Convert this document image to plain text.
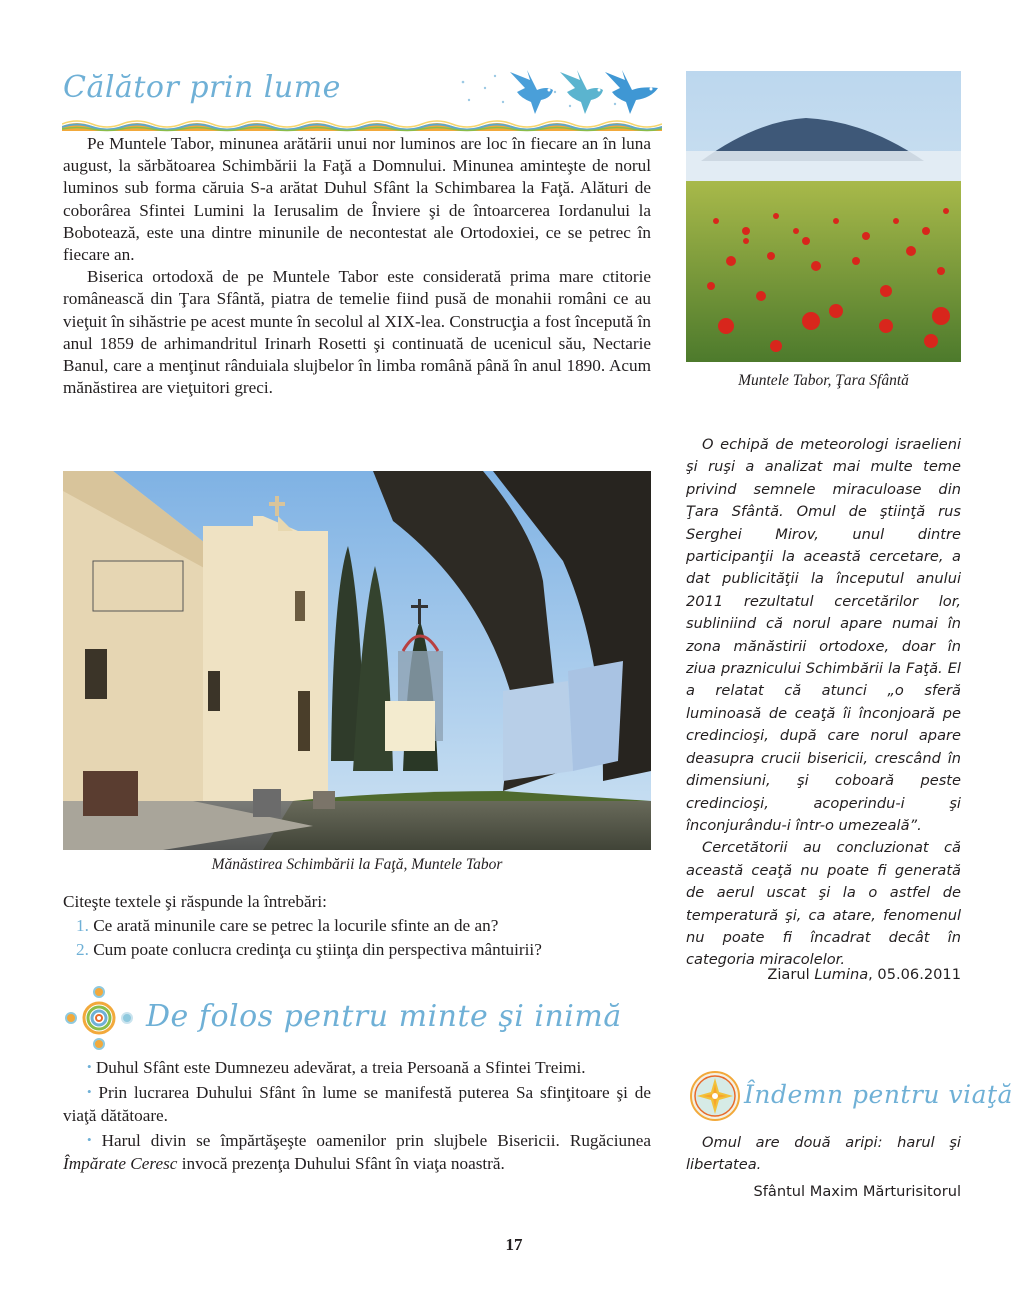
Călător prin lume

Pe Muntele Tabor, minunea arătării unui nor luminos are loc în fiecare an în luna august, la sărbătoarea Schimbării la Faţă a Domnului. Minunea aminteşte de norul luminos sub forma căruia S-a arătat Duhul Sfânt la Schimbarea la Faţă. Alături de coborârea Sfintei Lumini la Ierusalim de Înviere şi de întoarcerea Iordanului la Bobotează, este una dintre minunile de necontestat ale Ortodoxiei, ce se petrec în fiecare an.

Biserica ortodoxă de pe Muntele Tabor este considerată prima mare ctitorie românească din Ţara Sfântă, piatra de temelie fiind pusă de monahii români ce au vieţuit în sihăstrie pe acest munte în secolul al XIX-lea. Construcţia a fost începută în anul 1859 de arhimandritul Irinarh Rosetti şi continuată de ucenicul său, Nectarie Banul, care a menţinut rânduiala slujbelor în limba română până în anul 1890. Acum mănăstirea are vieţuitori greci.

Mănăstirea Schimbării la Faţă, Muntele Tabor
Citeşte textele şi răspunde la întrebări:
1. Ce arată minunile care se petrec la locurile sfinte an de an?
2. Cum poate conlucra credinţa cu ştiinţa din perspectiva mântuirii?
De folos pentru minte şi inimă

• Duhul Sfânt este Dumnezeu adevărat, a treia Persoană a Sfintei Treimi.

• Prin lucrarea Duhului Sfânt în lume se manifestă puterea Sa sfinţitoare şi de viaţă dătătoare.

• Harul divin se împărtăşeşte oamenilor prin slujbele Bisericii. Rugăciunea Împărate Ceresc invocă prezenţa Duhului Sfânt în viaţa noastră.

17
Muntele Tabor, Ţara Sfântă

O echipă de meteorologi israelieni şi ruşi a analizat mai multe teme privind semnele miraculoase din Ţara Sfântă. Omul de ştiinţă rus Serghei Mirov, unul dintre participanţii la această cercetare, a dat publicităţii la începutul anului 2011 rezultatul cercetărilor lor, subliniind că norul apare numai în zona mănăstirii ortodoxe, doar în ziua praznicului Schimbării la Faţă. El a relatat că atunci „o sferă luminoasă de ceaţă îi înconjoară pe credincioşi, după care norul apare deasupra crucii bisericii, crescând în dimensiuni, şi coboară peste credincioşi, acoperindu-i şi înconjurându-i într-o umezeală”.

Cercetătorii au concluzionat că această ceaţă nu poate fi generată de aerul uscat şi la o astfel de temperatură şi, ca atare, fenomenul nu poate fi încadrat decât în categoria miracolelor.

Ziarul Lumina, 05.06.2011
Îndemn pentru viaţă

Omul are două aripi: harul şi libertatea.

Sfântul Maxim Mărturisitorul
